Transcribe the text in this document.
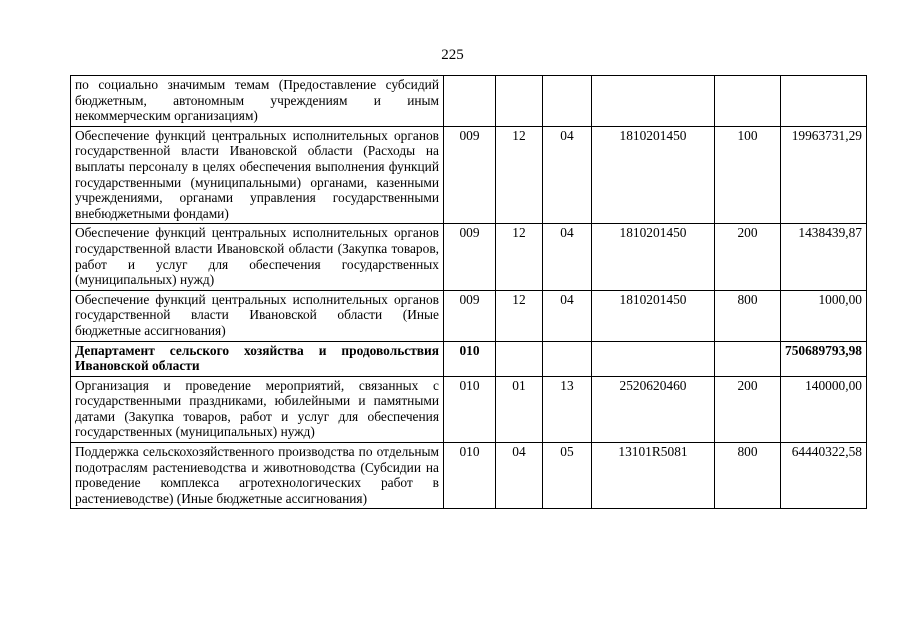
225
по социально значимым темам (Предоставление субсидий бюджетным, автономным учреждениям и иным некоммерческим организациям)						
Обеспечение функций центральных исполнительных органов государственной власти Ивановской области (Расходы на выплаты персоналу в целях обеспечения выполнения функций государственными (муниципальными) органами, казенными учреждениями, органами управления государственными внебюджетными фондами)	009	12	04	1810201450	100	19963731,29
Обеспечение функций центральных исполнительных органов государственной власти Ивановской области (Закупка товаров, работ и услуг для обеспечения государственных (муниципальных) нужд)	009	12	04	1810201450	200	1438439,87
Обеспечение функций центральных исполнительных органов государственной власти Ивановской области (Иные бюджетные ассигнования)	009	12	04	1810201450	800	1000,00
Департамент сельского хозяйства и продовольствия Ивановской области	010					750689793,98
Организация и проведение мероприятий, связанных с государственными праздниками, юбилейными и памятными датами (Закупка товаров, работ и услуг для обеспечения государственных (муниципальных) нужд)	010	01	13	2520620460	200	140000,00
Поддержка сельскохозяйственного производства по отдельным подотраслям растениеводства и животноводства (Субсидии на проведение комплекса агротехнологических работ в растениеводстве) (Иные бюджетные ассигнования)	010	04	05	13101R5081	800	64440322,58
